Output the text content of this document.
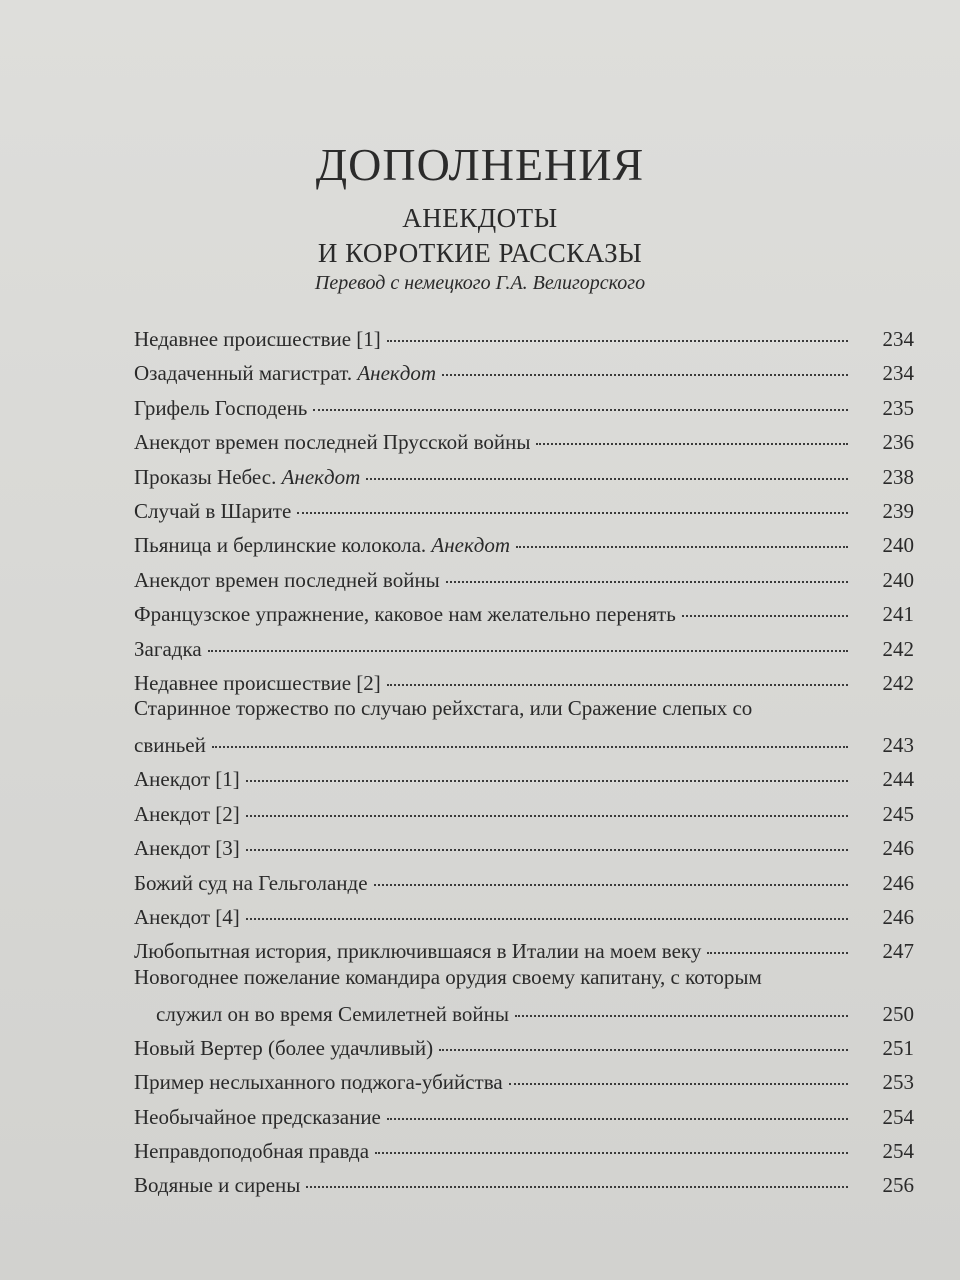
ДОПОЛНЕНИЯ
АНЕКДОТЫ
И КОРОТКИЕ РАССКАЗЫ
Перевод с немецкого Г.А. Велигорского
Недавнее происшествие [1]	234
Озадаченный магистрат. Анекдот	234
Грифель Господень	235
Анекдот времен последней Прусской войны	236
Проказы Небес. Анекдот	238
Случай в Шарите	239
Пьяница и берлинские колокола. Анекдот	240
Анекдот времен последней войны	240
Французское упражнение, каковое нам желательно перенять	241
Загадка	242
Недавнее происшествие [2]	242
Старинное торжество по случаю рейхстага, или Сражение слепых со
свиньей	243
Анекдот [1]	244
Анекдот [2]	245
Анекдот [3]	246
Божий суд на Гельголанде	246
Анекдот [4]	246
Любопытная история, приключившаяся в Италии на моем веку	247
Новогоднее пожелание командира орудия своему капитану, с которым
служил он во время Семилетней войны	250
Новый Вертер (более удачливый)	251
Пример неслыханного поджога-убийства	253
Необычайное предсказание	254
Неправдоподобная правда	254
Водяные и сирены	256
